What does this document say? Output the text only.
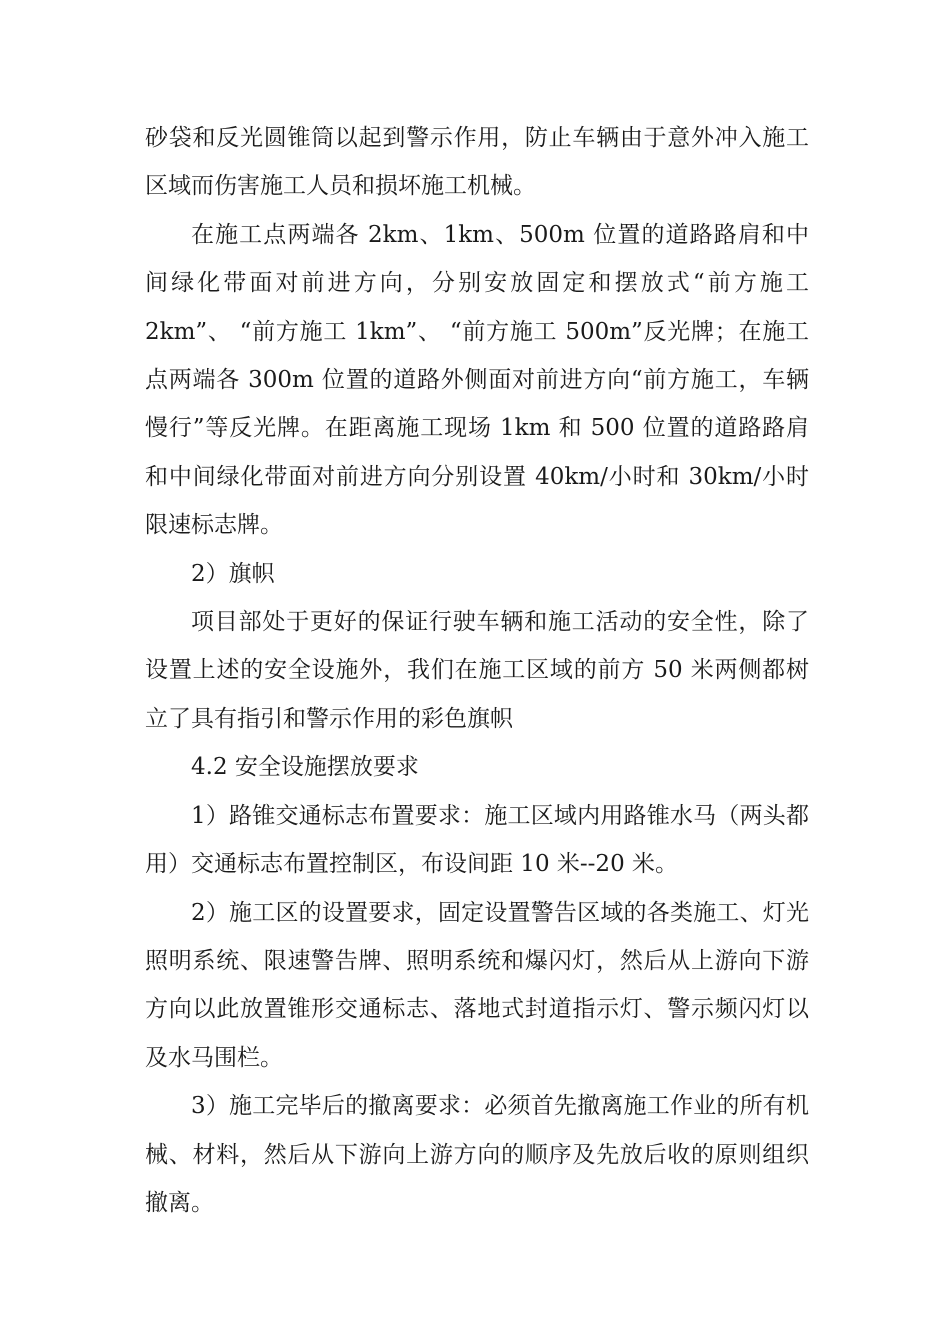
砂袋和反光圆锥筒以起到警示作用，防止车辆由于意外冲入施工区域而伤害施工人员和损坏施工机械。

在施工点两端各 2km、1km、500m 位置的道路路肩和中间绿化带面对前进方向，分别安放固定和摆放式“前方施工 2km”、 “前方施工 1km”、 “前方施工 500m”反光牌；在施工点两端各 300m 位置的道路外侧面对前进方向“前方施工，车辆慢行”等反光牌。在距离施工现场 1km 和 500 位置的道路路肩和中间绿化带面对前进方向分别设置 40km/小时和 30km/小时限速标志牌。

2）旗帜

项目部处于更好的保证行驶车辆和施工活动的安全性，除了设置上述的安全设施外，我们在施工区域的前方 50 米两侧都树立了具有指引和警示作用的彩色旗帜

4.2 安全设施摆放要求

1）路锥交通标志布置要求：施工区域内用路锥水马（两头都用）交通标志布置控制区，布设间距 10 米--20 米。

2）施工区的设置要求，固定设置警告区域的各类施工、灯光照明系统、限速警告牌、照明系统和爆闪灯，然后从上游向下游方向以此放置锥形交通标志、落地式封道指示灯、警示频闪灯以及水马围栏。

3）施工完毕后的撤离要求：必须首先撤离施工作业的所有机械、材料，然后从下游向上游方向的顺序及先放后收的原则组织撤离。
